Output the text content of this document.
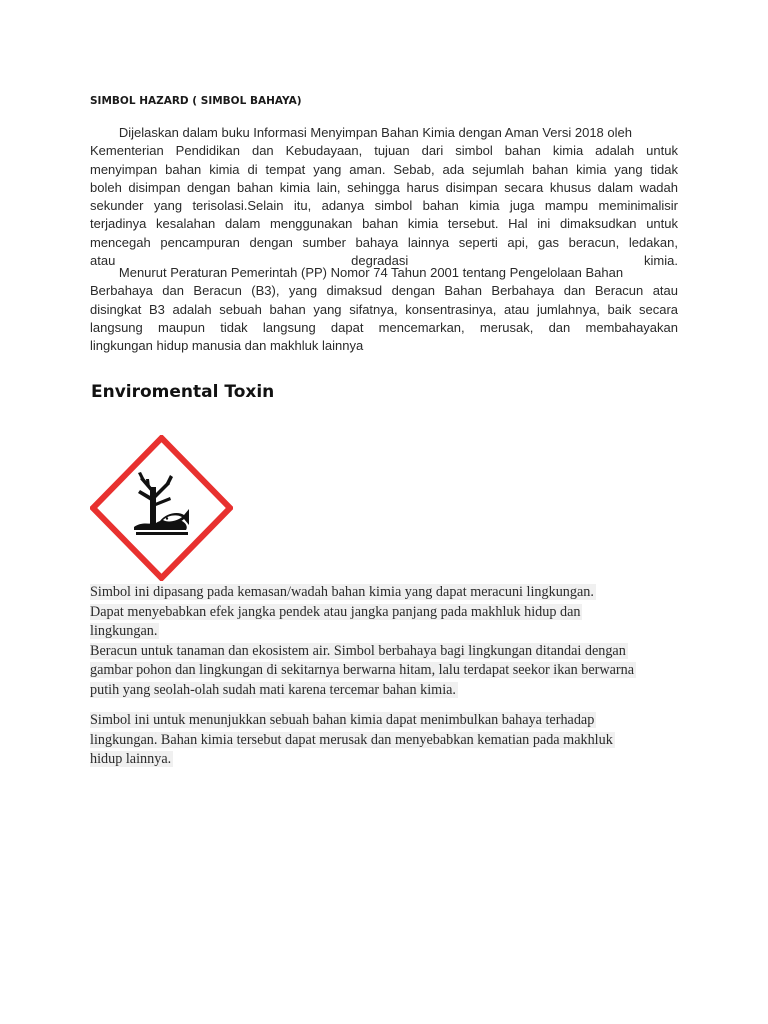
SIMBOL HAZARD ( SIMBOL BAHAYA)
Dijelaskan dalam buku Informasi Menyimpan Bahan Kimia dengan Aman Versi 2018 oleh
Kementerian Pendidikan dan Kebudayaan, tujuan dari simbol bahan kimia adalah untuk
menyimpan bahan kimia di tempat yang aman. Sebab, ada sejumlah bahan kimia yang tidak
boleh disimpan dengan bahan kimia lain, sehingga harus disimpan secara khusus dalam wadah
sekunder yang terisolasi.Selain itu, adanya simbol bahan kimia juga mampu meminimalisir
terjadinya kesalahan dalam menggunakan bahan kimia tersebut. Hal ini dimaksudkan untuk
mencegah pencampuran dengan sumber bahaya lainnya seperti api, gas beracun, ledakan,
atau degradasi kimia.
Menurut Peraturan Pemerintah (PP) Nomor 74 Tahun 2001 tentang Pengelolaan Bahan
Berbahaya dan Beracun (B3), yang dimaksud dengan Bahan Berbahaya dan Beracun atau
disingkat B3 adalah sebuah bahan yang sifatnya, konsentrasinya, atau jumlahnya, baik secara
langsung maupun tidak langsung dapat mencemarkan, merusak, dan membahayakan
lingkungan hidup manusia dan makhluk lainnya
Enviromental Toxin
Simbol ini dipasang pada kemasan/wadah bahan kimia yang dapat meracuni lingkungan.
Dapat menyebabkan efek jangka pendek atau jangka panjang pada makhluk hidup dan
lingkungan.
Beracun untuk tanaman dan ekosistem air. Simbol berbahaya bagi lingkungan ditandai dengan
gambar pohon dan lingkungan di sekitarnya berwarna hitam, lalu terdapat seekor ikan berwarna
putih yang seolah-olah sudah mati karena tercemar bahan kimia.
Simbol ini untuk menunjukkan sebuah bahan kimia dapat menimbulkan bahaya terhadap
lingkungan. Bahan kimia tersebut dapat merusak dan menyebabkan kematian pada makhluk
hidup lainnya.
